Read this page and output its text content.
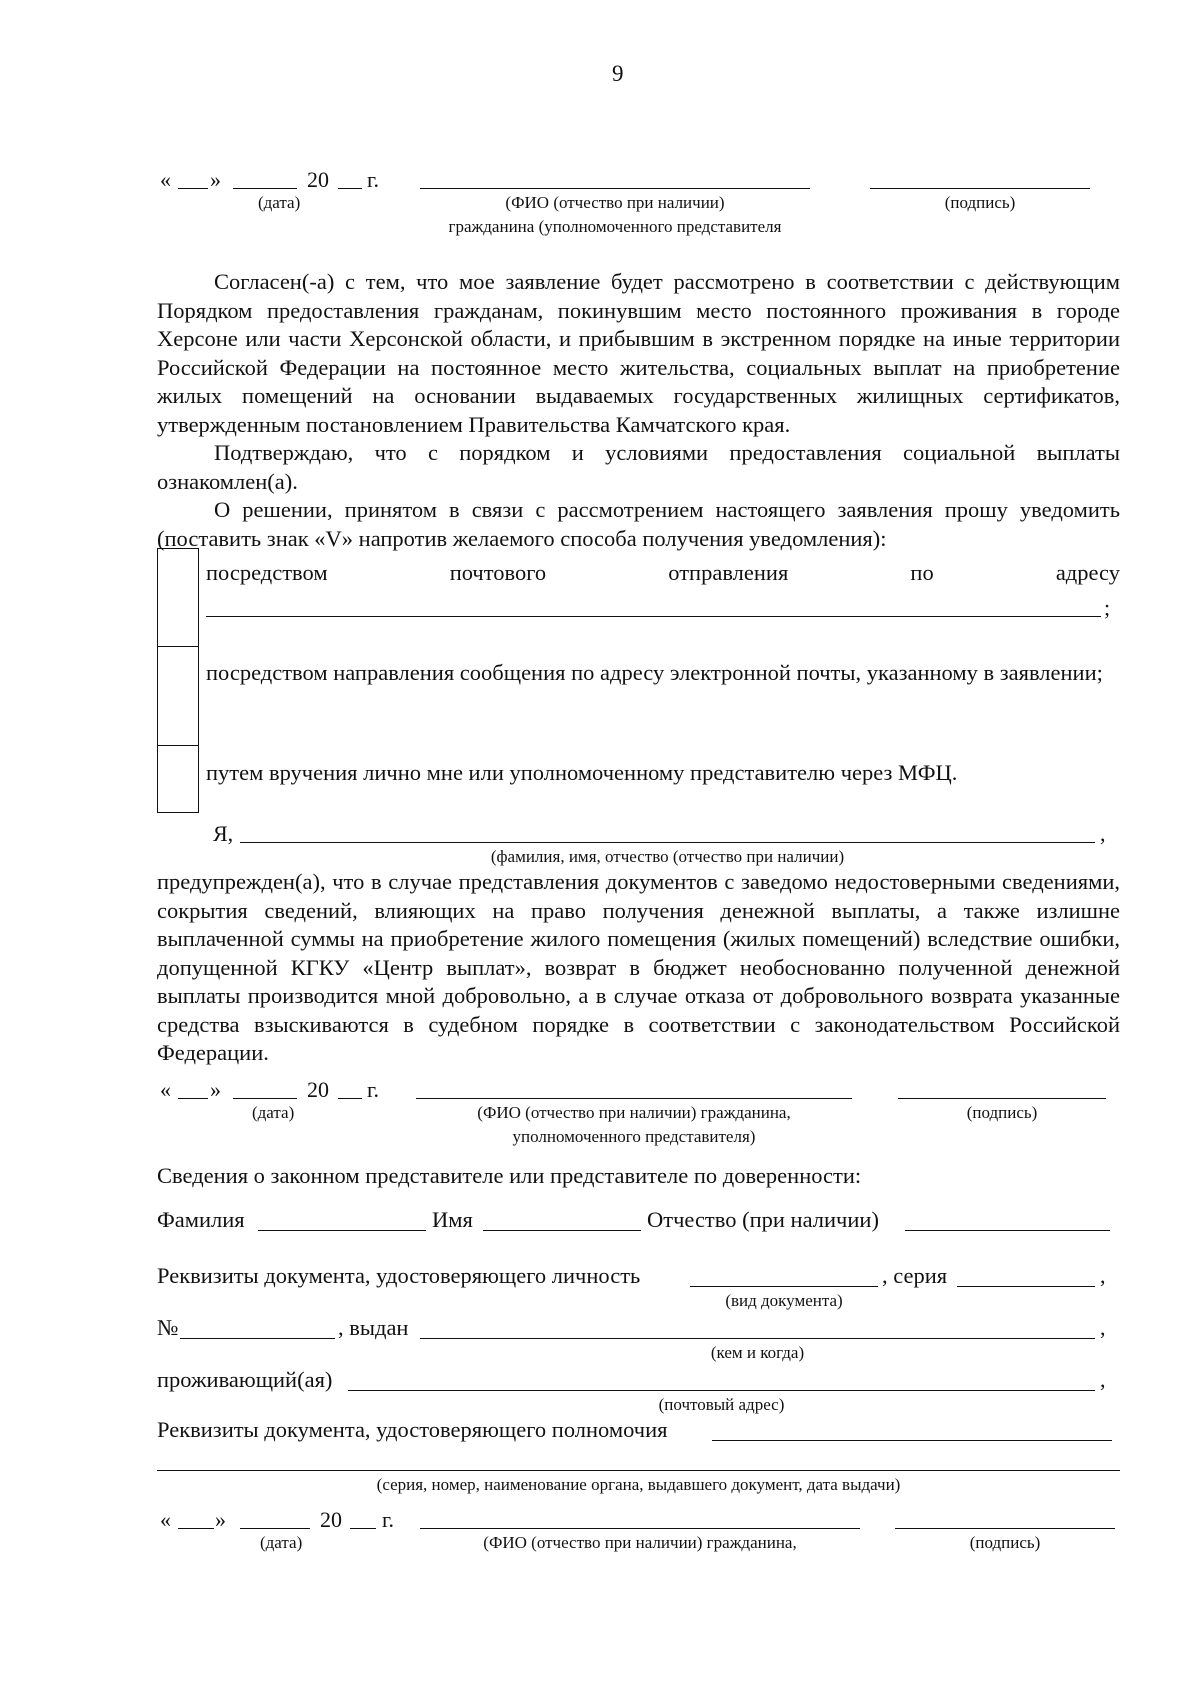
9
« »	20 г.
(дата)	(ФИО (отчество при наличии)
гражданина (уполномоченного представителя
(подпись)
Согласен(-а) с тем, что мое заявление будет рассмотрено в соответствии с действующим Порядком предоставления гражданам, покинувшим место постоянного проживания в городе Херсоне или части Херсонской области, и прибывшим в экстренном порядке на иные территории Российской Федерации на постоянное место жительства, социальных выплат на приобретение жилых помещений на основании выдаваемых государственных жилищных сертификатов, утвержденным постановлением Правительства Камчатского края.
Подтверждаю, что с порядком и условиями предоставления социальной выплаты ознакомлен(а).
О решении, принятом в связи с рассмотрением настоящего заявления прошу уведомить (поставить знак «V» напротив желаемого способа получения уведомления):
посредством	почтового	отправления	по	адресу
;
посредством направления сообщения по адресу электронной почты, указанному в заявлении;
путем вручения лично мне или уполномоченному представителю через МФЦ.
Я,	,
(фамилия, имя, отчество (отчество при наличии)
предупрежден(а), что в случае представления документов с заведомо недостоверными сведениями, сокрытия сведений, влияющих на право получения денежной выплаты, а также излишне выплаченной суммы на приобретение жилого помещения (жилых помещений) вследствие ошибки, допущенной КГКУ «Центр выплат», возврат в бюджет необоснованно полученной денежной выплаты производится мной добровольно, а в случае отказа от добровольного возврата указанные средства взыскиваются в судебном порядке в соответствии с законодательством Российской Федерации.
« »	20 г.
(дата)	(ФИО (отчество при наличии) гражданина,
уполномоченного представителя)
(подпись)
Сведения о законном представителе или представителе по доверенности:
Фамилия	Имя	Отчество (при наличии)
Реквизиты документа, удостоверяющего личность	, серия	,
(вид документа)
№	, выдан	,
(кем и когда)
проживающий(ая)	,
(почтовый адрес)
Реквизиты документа, удостоверяющего полномочия
(серия, номер, наименование органа, выдавшего документ, дата выдачи)
« »	20 г.
(дата)	(ФИО (отчество при наличии) гражданина,	(подпись)
